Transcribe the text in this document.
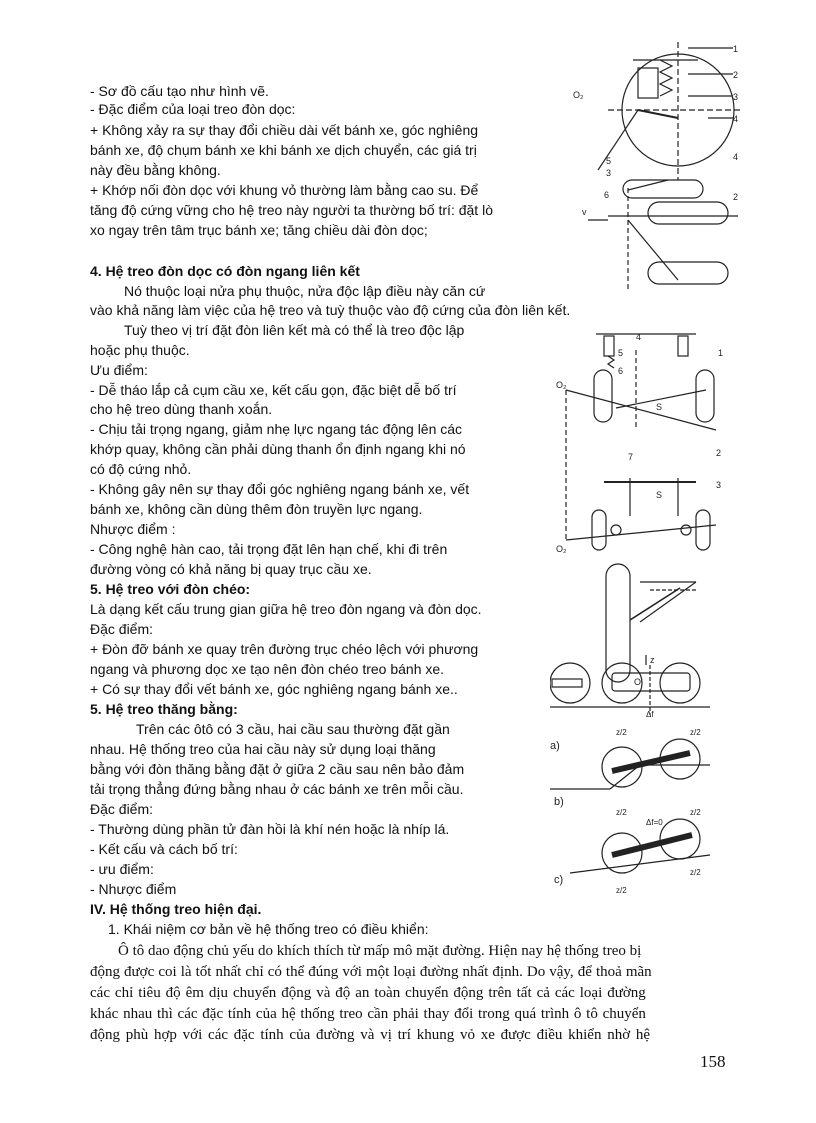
- Sơ đồ cấu tạo như hình vẽ.
- Đặc điểm của loại treo đòn dọc:
+ Không xảy ra sự thay đổi chiều dài vết bánh xe, góc nghiêng
bánh xe, độ chụm bánh xe khi bánh xe dịch chuyển, các giá trị
này đều bằng không.
+ Khớp nối đòn dọc với khung vỏ thường làm bằng cao su. Để
tăng độ cứng vững cho hệ treo này người ta thường bố trí: đặt lò
xo ngay trên tâm trục bánh xe; tăng chiều dài đòn dọc;
4. Hệ treo đòn dọc có đòn ngang liên kết
Nó thuộc loại nửa phụ thuộc, nửa độc lập điều này căn cứ
vào khả năng làm việc của hệ treo và tuỳ thuộc vào độ cứng của đòn liên kết.
Tuỳ theo vị trí đặt đòn liên kết mà có thể là treo độc lập
hoặc phụ thuộc.
Ưu điểm:
- Dễ tháo lắp cả cụm cầu xe, kết cấu gọn, đặc biệt dễ bố trí
cho hệ treo dùng thanh xoắn.
- Chịu tải trọng ngang, giảm nhẹ lực ngang tác động lên các
khớp quay, không cần phải dùng thanh ổn định ngang khi nó
có độ cứng nhỏ.
- Không gây nên sự thay đổi góc nghiêng ngang bánh xe, vết
bánh xe, không cần dùng thêm đòn truyền lực ngang.
Nhược điểm :
- Công nghệ hàn cao, tải trọng đặt lên hạn chế, khi đi trên
đường vòng có khả năng bị quay trục cầu xe.
5. Hệ treo với đòn chéo:
Là dạng kết cấu trung gian giữa hệ treo đòn ngang và đòn dọc.
Đặc điểm:
+ Đòn đỡ bánh xe quay trên đường trục chéo lệch với phương
ngang và phương dọc xe tạo nên đòn chéo treo bánh xe.
+ Có sự thay đổi vết bánh xe, góc nghiêng ngang bánh xe..
5. Hệ treo thăng bằng:
Trên các ôtô có 3 cầu, hai cầu sau thường đặt gần
nhau. Hệ thống treo của hai cầu này sử dụng loại thăng
bằng với đòn thăng bằng đặt ở giữa 2 cầu sau nên bảo đảm
tải trọng thẳng đứng bằng nhau ở các bánh xe trên mỗi cầu.
Đặc điểm:
- Thường dùng phần tử đàn hồi là khí nén hoặc là nhíp lá.
- Kết cấu và cách bố trí:
- ưu điểm:
- Nhược điểm
IV. Hệ thống treo hiện đại.
1. Khái niệm cơ bản về hệ thống treo có điều khiển:
Ô tô dao động chủ yếu do khích thích từ mấp mô mặt đường. Hiện nay hệ thống treo bị
động được coi là tốt nhất chỉ có thể đúng với một loại đường nhất định. Do vậy, để thoả mãn
các chỉ tiêu độ êm dịu chuyển động và độ an toàn chuyển động trên tất cả các loại đường
khác nhau thì các đặc tính của hệ thống treo cần phải thay đổi trong quá trình ô tô chuyển
động phù hợp với các đặc tính của đường và vị trí khung vỏ xe được điều khiển nhờ hệ
158
O₂
1
2
3
4
5
3
4
6	2
v
O₂
4
5
6
1
S
7	2
3
S
O₂
a)
z
O
Δf
z/2	z/2
b)
z/2	z/2
c)
Δf=0
z/2
z/2
